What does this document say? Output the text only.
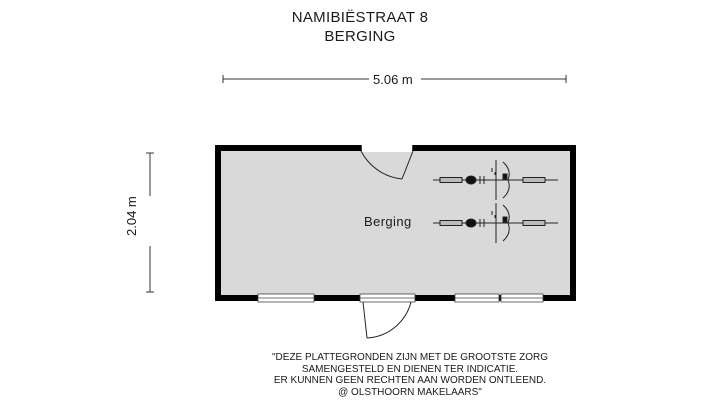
NAMIBIËSTRAAT 8
BERGING
5.06 m
2.04 m	Berging
"DEZE PLATTEGRONDEN ZIJN MET DE GROOTSTE ZORG
SAMENGESTELD EN DIENEN TER INDICATIE.
ER KUNNEN GEEN RECHTEN AAN WORDEN ONTLEEND.
@ OLSTHOORN MAKELAARS"
